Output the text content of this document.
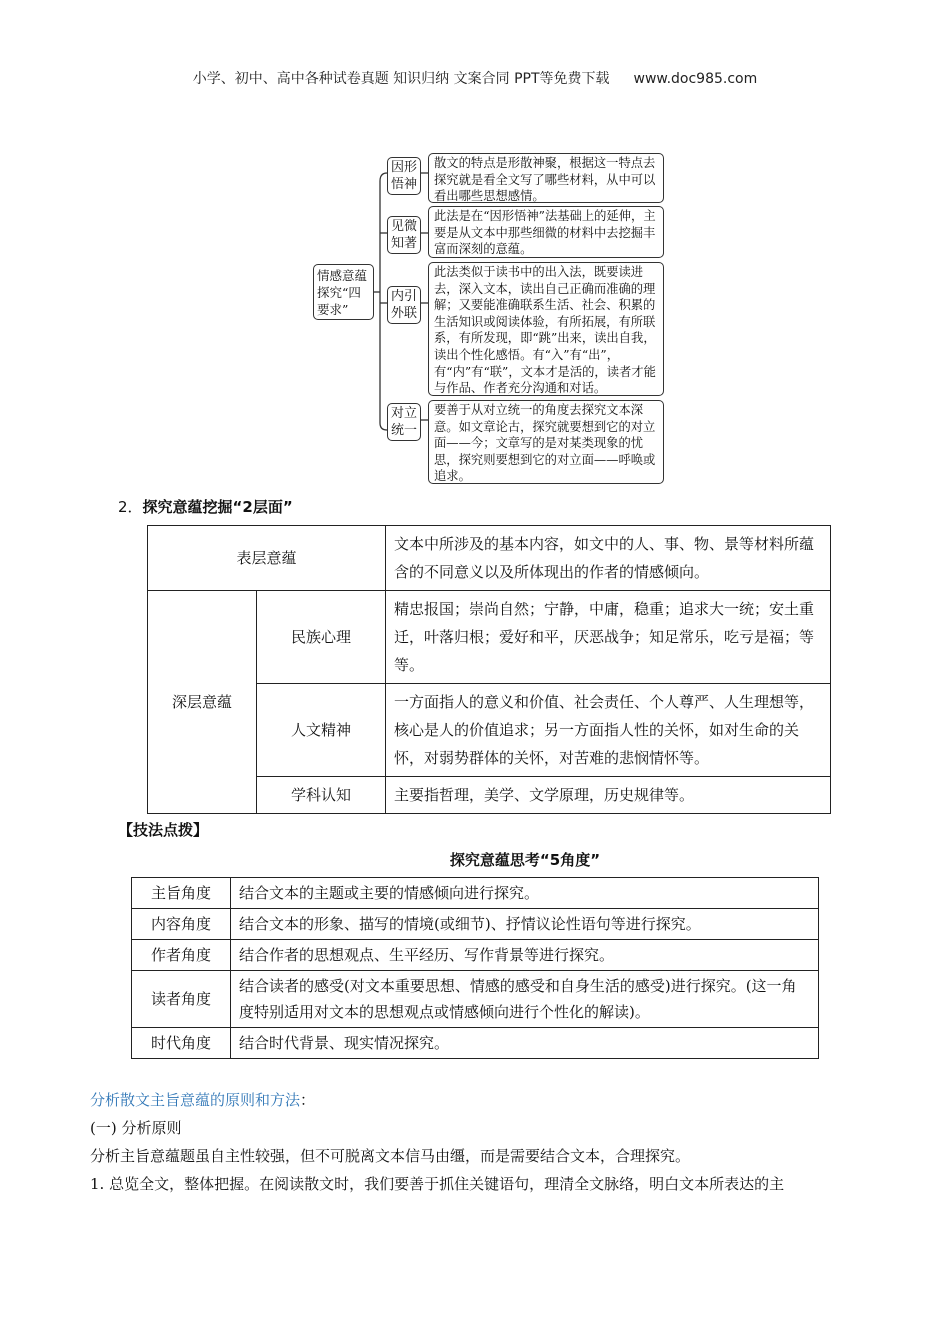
小学、初中、高中各种试卷真题 知识归纳 文案合同 PPT等免费下载 www.doc985.com
情感意蕴探究“四要求”
因形悟神
散文的特点是形散神聚，根据这一特点去探究就是看全文写了哪些材料，从中可以看出哪些思想感情。
见微知著
此法是在“因形悟神”法基础上的延伸，主要是从文本中那些细微的材料中去挖掘丰富而深刻的意蕴。
内引外联
此法类似于读书中的出入法，既要读进去，深入文本，读出自己正确而准确的理解；又要能准确联系生活、社会、积累的生活知识或阅读体验，有所拓展，有所联系，有所发现，即“跳”出来，读出自我，读出个性化感悟。有“入”有“出”，有“内”有“联”，文本才是活的，读者才能与作品、作者充分沟通和对话。
对立统一
要善于从对立统一的角度去探究文本深意。如文章论古，探究就要想到它的对立面——今；文章写的是对某类现象的忧思，探究则要想到它的对立面——呼唤或追求。
2．探究意蕴挖掘“2层面”
表层意蕴		文本中所涉及的基本内容，如文中的人、事、物、景等材料所蕴含的不同意义以及所体现出的作者的情感倾向。
深层意蕴	民族心理	精忠报国；崇尚自然；宁静，中庸，稳重；追求大一统；安土重迁，叶落归根；爱好和平，厌恶战争；知足常乐，吃亏是福；等等。
	人文精神	一方面指人的意义和价值、社会责任、个人尊严、人生理想等，核心是人的价值追求；另一方面指人性的关怀，如对生命的关怀，对弱势群体的关怀，对苦难的悲悯情怀等。
	学科认知	主要指哲理，美学、文学原理，历史规律等。
【技法点拨】
探究意蕴思考“5角度”
主旨角度	结合文本的主题或主要的情感倾向进行探究。
内容角度	结合文本的形象、描写的情境(或细节)、抒情议论性语句等进行探究。
作者角度	结合作者的思想观点、生平经历、写作背景等进行探究。
读者角度	结合读者的感受(对文本重要思想、情感的感受和自身生活的感受)进行探究。(这一角度特别适用对文本的思想观点或情感倾向进行个性化的解读)。
时代角度	结合时代背景、现实情况探究。
分析散文主旨意蕴的原则和方法：
(一) 分析原则
分析主旨意蕴题虽自主性较强，但不可脱离文本信马由缰，而是需要结合文本，合理探究。
1. 总览全文，整体把握。在阅读散文时，我们要善于抓住关键语句，理清全文脉络，明白文本所表达的主
